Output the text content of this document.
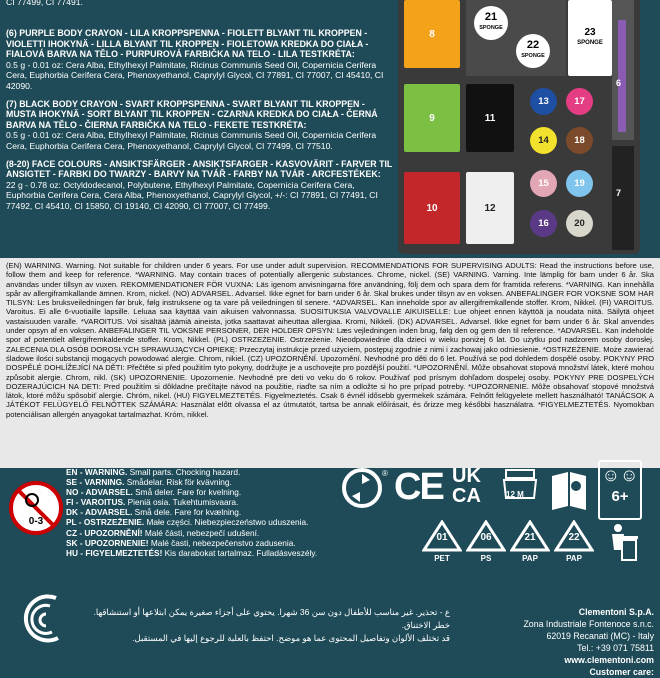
CI 77499, CI 77491.
(6) PURPLE BODY CRAYON - LILA KROPPSPENNA - FIOLETT BLYANT TIL KROPPEN - VIOLETTI IHOKYNÄ - LILLA BLYANT TIL KROPPEN - FIOLETOWA KREDKA DO CIAŁA - FIALOVÁ BARVA NA TĚLO - PURPUROVÁ FARBIČKA NA TELO - LILA TESTKRÉTA:
0.5 g - 0.01 oz: Cera Alba, Ethylhexyl Palmitate, Ricinus Communis Seed Oil, Copernicia Cerifera Cera, Euphorbia Cerifera Cera, Phenoxyethanol, Caprylyl Glycol, CI 77891, CI 77007, CI 45410, CI 42090.
(7) BLACK BODY CRAYON - SVART KROPPSPENNA - SVART BLYANT TIL KROPPEN - MUSTA IHOKYNÄ - SORT BLYANT TIL KROPPEN - CZARNA KREDKA DO CIAŁA - ČERNÁ BARVA NA TĚLO - ČIERNA FARBIČKA NA TELO - FEKETE TESTKRÉTA:
0.5 g - 0.01 oz: Cera Alba, Ethylhexyl Palmitate, Ricinus Communis Seed Oil, Copernicia Cerifera Cera, Euphorbia Cerifera Cera, Phenoxyethanol, Caprylyl Glycol, CI 77499, CI 77510.
(8-20) FACE COLOURS - ANSIKTSFÄRGER - ANSIKTSFARGER - KASVOVÄRIT - FARVER TIL ANSIGTET - FARBKI DO TWARZY - BARVY NA TVÁŘ - FARBY NA TVÁR - ARCFESTÉKEK:
22 g - 0.78 oz: Octyldodecanol, Polybutene, Ethylhexyl Palmitate, Copernicia Cerifera Cera, Euphorbia Cerifera Cera, Cera Alba, Phenoxyethanol, Caprylyl Glycol, +/-: CI 77891, CI 77491, CI 77492, CI 45410, CI 15850, CI 19140, CI 42090, CI 77007, CI 77499.
8
9
10
11
12
21
SPONGE
22
SPONGE
23
SPONGE
13
14
15
16
17
18
19
20
6
7
(EN) WARNING. Warning. Not suitable for children under 6 years. For use under adult supervision. RECOMMENDATIONS FOR SUPERVISING ADULTS: Read the instructions before use, follow them and keep for reference. *WARNING. May contain traces of potentially allergenic substances. Chrome, nickel. (SE) VARNING. Varning. Inte lämplig för barn under 6 år. Ska användas under tillsyn av vuxen. REKOMMENDATIONER FÖR VUXNA: Läs igenom anvisningarna före användning, följ dem och spara dem för framtida referens. *VARNING. Kan innehålla spår av allergiframkallande ämnen. Krom, nickel. (NO) ADVARSEL. Advarsel. Ikke egnet for barn under 6 år. Skal brukes under tilsyn av en voksen. ANBEFALINGER FOR VOKSNE SOM HAR TILSYN: Les bruksveiledningen før bruk, følg instruksene og ta vare på veiledningen til senere. *ADVARSEL. Kan inneholde spor av allergifremkallende stoffer. Krom, Nikkel. (FI) VAROITUS. Varoitus. Ei alle 6-vuotiaille lapsille. Leluaa saa käyttää vain aikuisen valvonnassa. SUOSITUKSIA VALVOVALLE AIKUISELLE: Lue ohjeet ennen käyttöä ja noudata niitä. Säilytä ohjeet vastaisuuden varalle. *VAROITUS. Voi sisältää jäämiä aineista, jotka saattavat aiheuttaa allergiaa. Kromi, Nikkeli. (DK) ADVARSEL. Advarsel. Ikke egnet for børn under 6 år. Skal anvendes under opsyn af en voksen. ANBEFALINGER TIL VOKSNE PERSONER, DER HOLDER OPSYN: Læs vejledningen inden brug, følg den og gem den til reference. *ADVARSEL. Kan indeholde spor af potentielt allergifremkaldende stoffer. Krom, Nikkel. (PL) OSTRZEŻENIE. Ostrzeżenie. Nieodpowiednie dla dzieci w wieku poniżej 6 lat. Do użytku pod nadzorem osoby dorosłej. ZALECENIA DLA OSÓB DOROSŁYCH SPRAWUJĄCYCH OPIEKĘ: Przeczytaj instrukcje przed użyciem, postępuj zgodnie z nimi i zachowaj jako odniesienie. *OSTRZEŻENIE. Może zawierać śladowe ilości substancji mogących powodować alergie. Chrom, nikiel. (CZ) UPOZORNĚNÍ. Upozornění. Nevhodné pro děti do 6 let. Používá se pod dohledem dospělé osoby. POKYNY PRO DOSPĚLÉ DOHLÍŽEJÍCÍ NA DĚTI: Přečtěte si před použitím tyto pokyny, dodržujte je a uschovejte pro pozdější použití. *UPOZORNĚNÍ. Může obsahovat stopová množství látek, které mohou způsobit alergie. Chrom, nikl. (SK) UPOZORNENIE. Upozornenie. Nevhodné pre deti vo veku do 6 rokov. Používať pod prísnym dohľadom dospelej osoby. POKYNY PRE DOSPELÝCH DOZERAJÚCICH NA DETI: Pred použitím si dôkladne prečítajte návod na použitie, riaďte sa ním a odložte si ho pre prípad potreby. *UPOZORNENIE. Môže obsahovať stopové množstvá látok, ktoré môžu spôsobiť alergie. Chróm, nikel. (HU) FIGYELMEZTETÉS. Figyelmeztetés. Csak 6 évnél idősebb gyermekek számára. Felnőtt felügyelete mellett használható! TANÁCSOK A JÁTÉKOT FELÜGYELŐ FELNŐTTEK SZÁMÁRA: Használat előtt olvassa el az útmutatót, tartsa be annak előírásait, és őrizze meg későbbi használatra. *FIGYELMEZTETÉS. Nyomokban potenciálisan allergén anyagokat tartalmazhat. Króm, nikkel.
0-3
EN - WARNING. Small parts. Chocking hazard.
SE - VARNING. Smådelar. Risk för kvävning.
NO - ADVARSEL. Små deler. Fare for kvelning.
FI - VAROITUS. Pieniä osia. Tukehtumisvaara.
DK - ADVARSEL. Små dele. Fare for kvælning.
PL - OSTRZEŻENIE. Małe części. Niebezpieczeństwo uduszenia.
CZ - UPOZORNĚNÍ! Malé části, nebezpečí udušení.
SK - UPOZORNENIE! Malé časti, nebezpečenstvo zadusenia.
HU - FIGYELMEZTETÉS! Kis darabokat tartalmaz. Fulladásveszély.
® CE UK
CA	12 M
☺☺
6+
01
PET
06
PS
21
PAP
22
PAP
ع - تحذير. غير مناسب للأطفال دون سن 36 شهرا. يحتوي على أجزاء صغيرة يمكن ابتلاعها أو استنشاقها. خطر الاختناق.
قد تختلف الألوان وتفاصيل المحتوى عما هو موضح. احتفظ بالعلبة للرجوع إليها في المستقبل.
Clementoni S.p.A.
Zona Industriale Fontenoce s.n.c.
62019 Recanati (MC) - Italy
Tel.: +39 071 75811
www.clementoni.com
Customer care:
